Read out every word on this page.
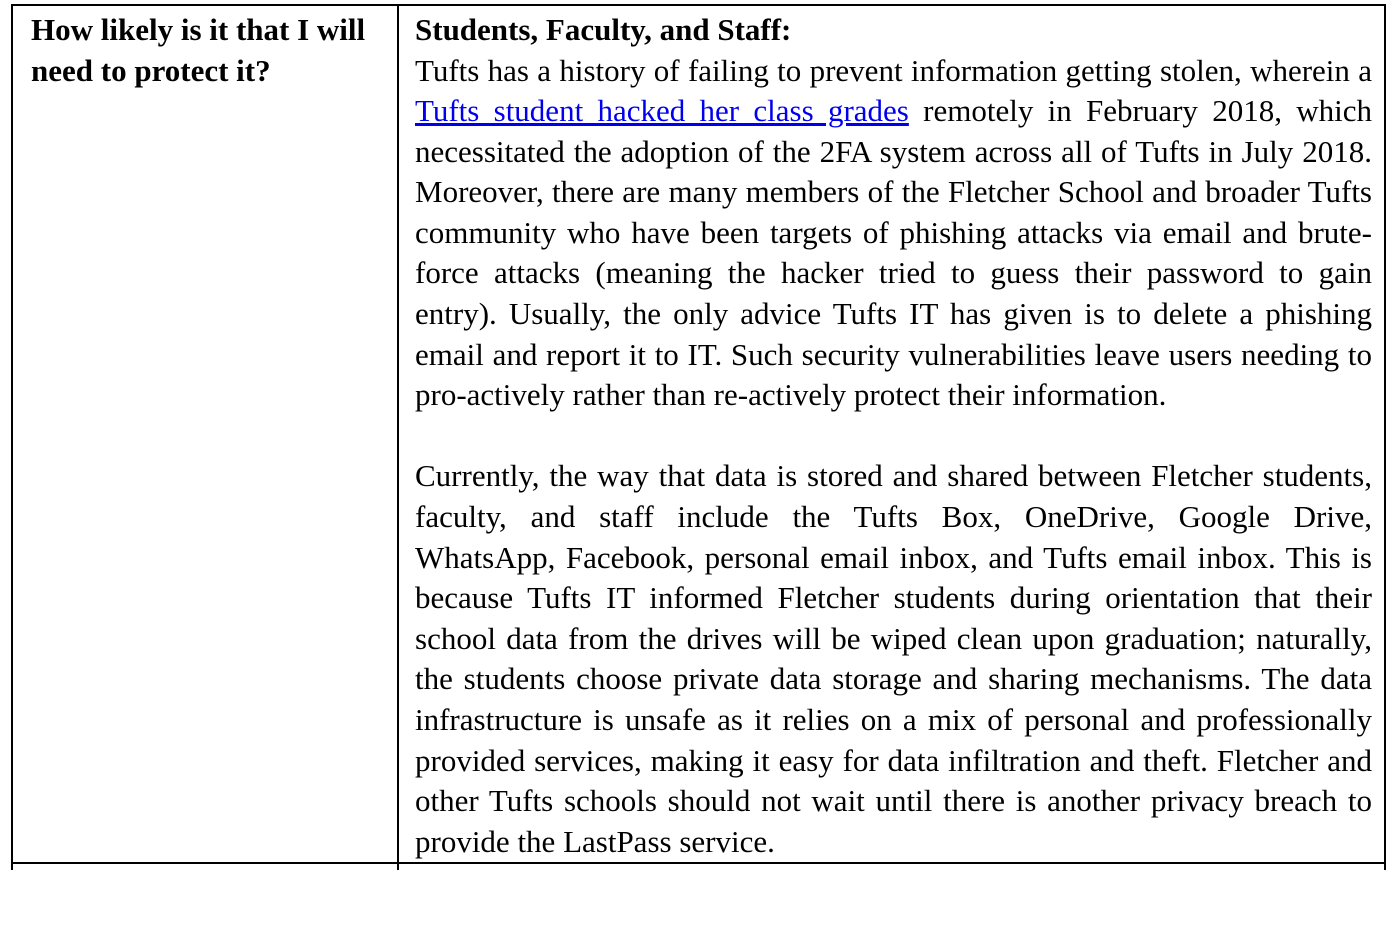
How likely is it that I will need to protect it?	Students, Faculty, and Staff:

Tufts has a history of failing to prevent information getting stolen, wherein a Tufts student hacked her class grades remotely in February 2018, which necessitated the adoption of the 2FA system across all of Tufts in July 2018. Moreover, there are many members of the Fletcher School and broader Tufts community who have been targets of phishing attacks via email and brute-force attacks (meaning the hacker tried to guess their password to gain entry). Usually, the only advice Tufts IT has given is to delete a phishing email and report it to IT. Such security vulnerabilities leave users needing to pro-actively rather than re-actively protect their information.

Currently, the way that data is stored and shared between Fletcher students, faculty, and staff include the Tufts Box, OneDrive, Google Drive, WhatsApp, Facebook, personal email inbox, and Tufts email inbox. This is because Tufts IT informed Fletcher students during orientation that their school data from the drives will be wiped clean upon graduation; naturally, the students choose private data storage and sharing mechanisms. The data infrastructure is unsafe as it relies on a mix of personal and professionally provided services, making it easy for data infiltration and theft. Fletcher and other Tufts schools should not wait until there is another privacy breach to provide the LastPass service.
